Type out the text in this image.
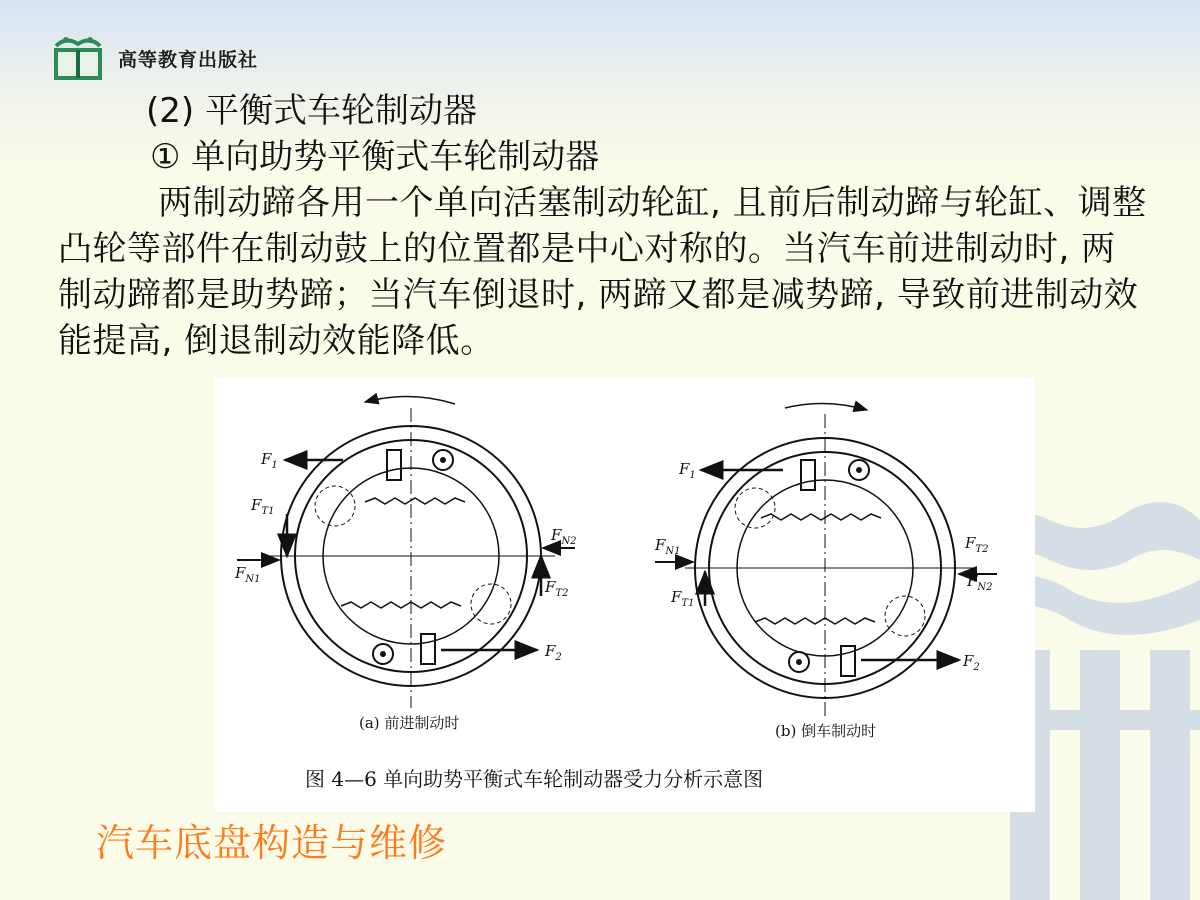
高等教育出版社
(2) 平衡式车轮制动器
① 单向助势平衡式车轮制动器
两制动蹄各用一个单向活塞制动轮缸, 且前后制动蹄与轮缸、调整凸轮等部件在制动鼓上的位置都是中心对称的。当汽车前进制动时, 两制动蹄都是助势蹄；当汽车倒退时, 两蹄又都是减势蹄, 导致前进制动效能提高, 倒退制动效能降低。
$F_1$
$F_{T1}$
$F_{N1}$
$F_{N2}$
$F_{T2}$
$F_2$
(a) 前进制动时
$F_1$
$F_{N1}$
$F_{T1}$
$F_{T2}$
$F_{N2}$
$F_2$
(b) 倒车制动时
图 4—6 单向助势平衡式车轮制动器受力分析示意图
汽车底盘构造与维修
